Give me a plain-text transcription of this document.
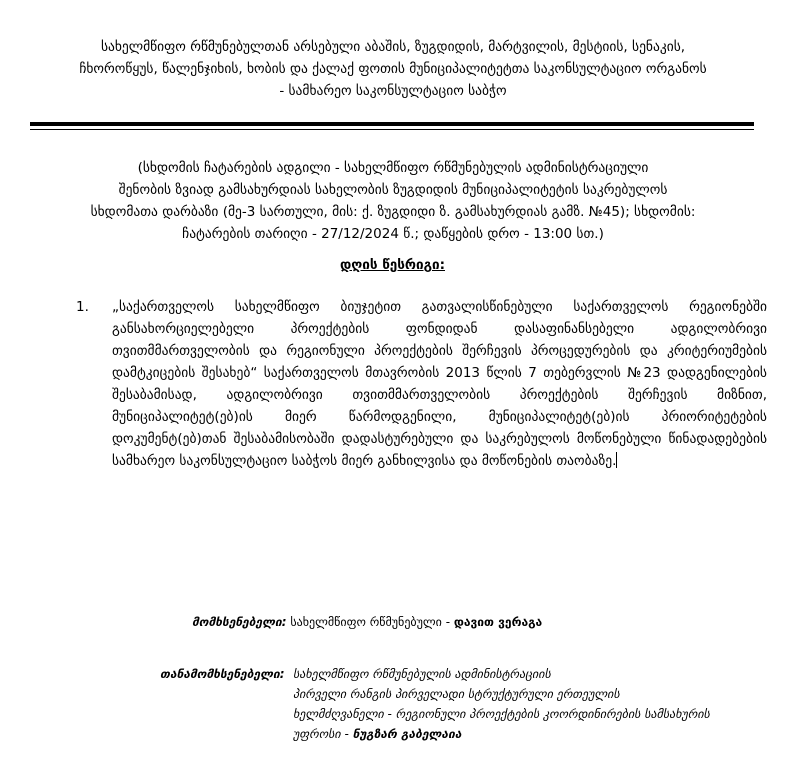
სახელმწიფო რწმუნებულთან არსებული აბაშის, ზუგდიდის, მარტვილის, მესტიის, სენაკის,
ჩხოროწყუს, წალენჯიხის, ხობის და ქალაქ ფოთის მუნიციპალიტეტთა საკონსულტაციო ორგანოს
- სამხარეო საკონსულტაციო საბჭო
(სხდომის ჩატარების ადგილი - სახელმწიფო რწმუნებულის ადმინისტრაციული
შენობის ზვიად გამსახურდიას სახელობის ზუგდიდის მუნიციპალიტეტის საკრებულოს
სხდომათა დარბაზი (მე-3 სართული, მის: ქ. ზუგდიდი ზ. გამსახურდიას გამზ. №45); სხდომის:
ჩატარების თარიღი - 27/12/2024 წ.; დაწყების დრო - 13:00 სთ.)
დღის წესრიგი:
1. „საქართველოს სახელმწიფო ბიუჯეტით გათვალისწინებული საქართველოს რეგიონებში განსახორციელებელი პროექტების ფონდიდან დასაფინანსებელი ადგილობრივი თვითმმართველობის და რეგიონული პროექტების შერჩევის პროცედურების და კრიტერიუმების დამტკიცების შესახებ“ საქართველოს მთავრობის 2013 წლის 7 თებერვლის №23 დადგენილების შესაბამისად, ადგილობრივი თვითმმართველობის პროექტების შერჩევის მიზნით, მუნიციპალიტეტ(ებ)ის მიერ წარმოდგენილი, მუნიციპალიტეტ(ებ)ის პრიორიტეტების დოკუმენტ(ებ)თან შესაბამისობაში დადასტურებული და საკრებულოს მოწონებული წინადადებების სამხარეო საკონსულტაციო საბჭოს მიერ განხილვისა და მოწონების თაობაზე.
მომხსენებელი: სახელმწიფო რწმუნებული - დავით ვერაგა
თანამომხსენებელი: სახელმწიფო რწმუნებულის ადმინისტრაციის
პირველი რანგის პირველადი სტრუქტურული ერთეულის
ხელმძღვანელი - რეგიონული პროექტების კოორდინირების სამსახურის
უფროსი - ნუგზარ გაბელაია
